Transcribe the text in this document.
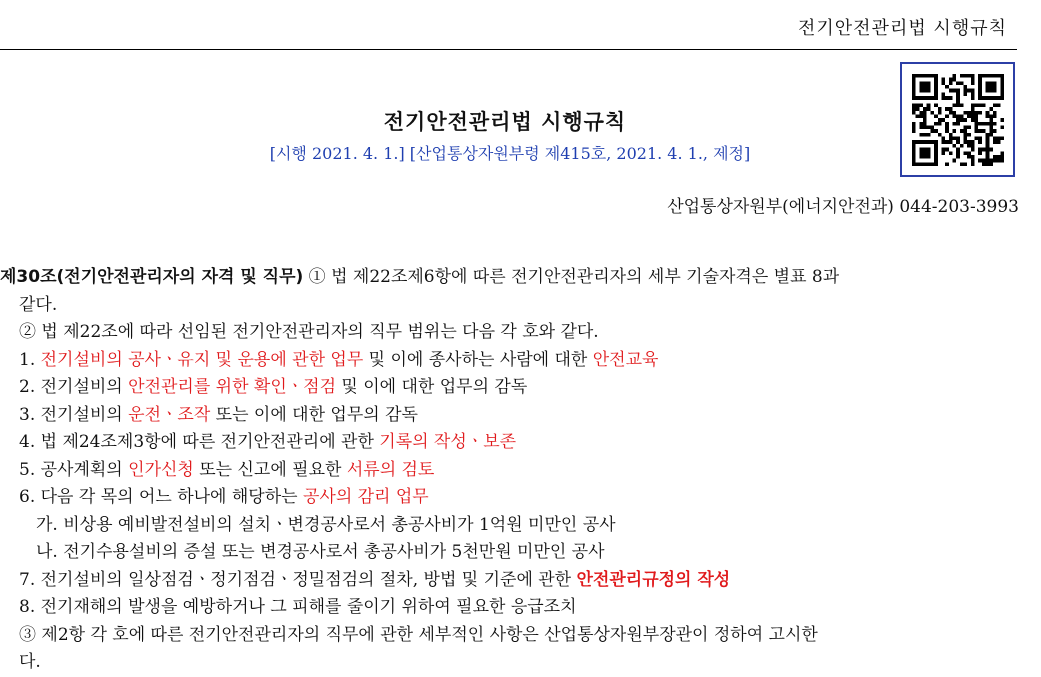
전기안전관리법 시행규칙
전기안전관리법 시행규칙
[시행 2021. 4. 1.] [산업통상자원부령 제415호, 2021. 4. 1., 제정]
산업통상자원부(에너지안전과) 044-203-3993
제30조(전기안전관리자의 자격 및 직무) ① 법 제22조제6항에 따른 전기안전관리자의 세부 기술자격은 별표 8과
같다.
② 법 제22조에 따라 선임된 전기안전관리자의 직무 범위는 다음 각 호와 같다.
1. 전기설비의 공사ㆍ유지 및 운용에 관한 업무 및 이에 종사하는 사람에 대한 안전교육
2. 전기설비의 안전관리를 위한 확인ㆍ점검 및 이에 대한 업무의 감독
3. 전기설비의 운전ㆍ조작 또는 이에 대한 업무의 감독
4. 법 제24조제3항에 따른 전기안전관리에 관한 기록의 작성ㆍ보존
5. 공사계획의 인가신청 또는 신고에 필요한 서류의 검토
6. 다음 각 목의 어느 하나에 해당하는 공사의 감리 업무
가. 비상용 예비발전설비의 설치ㆍ변경공사로서 총공사비가 1억원 미만인 공사
나. 전기수용설비의 증설 또는 변경공사로서 총공사비가 5천만원 미만인 공사
7. 전기설비의 일상점검ㆍ정기점검ㆍ정밀점검의 절차, 방법 및 기준에 관한 안전관리규정의 작성
8. 전기재해의 발생을 예방하거나 그 피해를 줄이기 위하여 필요한 응급조치
③ 제2항 각 호에 따른 전기안전관리자의 직무에 관한 세부적인 사항은 산업통상자원부장관이 정하여 고시한
다.
